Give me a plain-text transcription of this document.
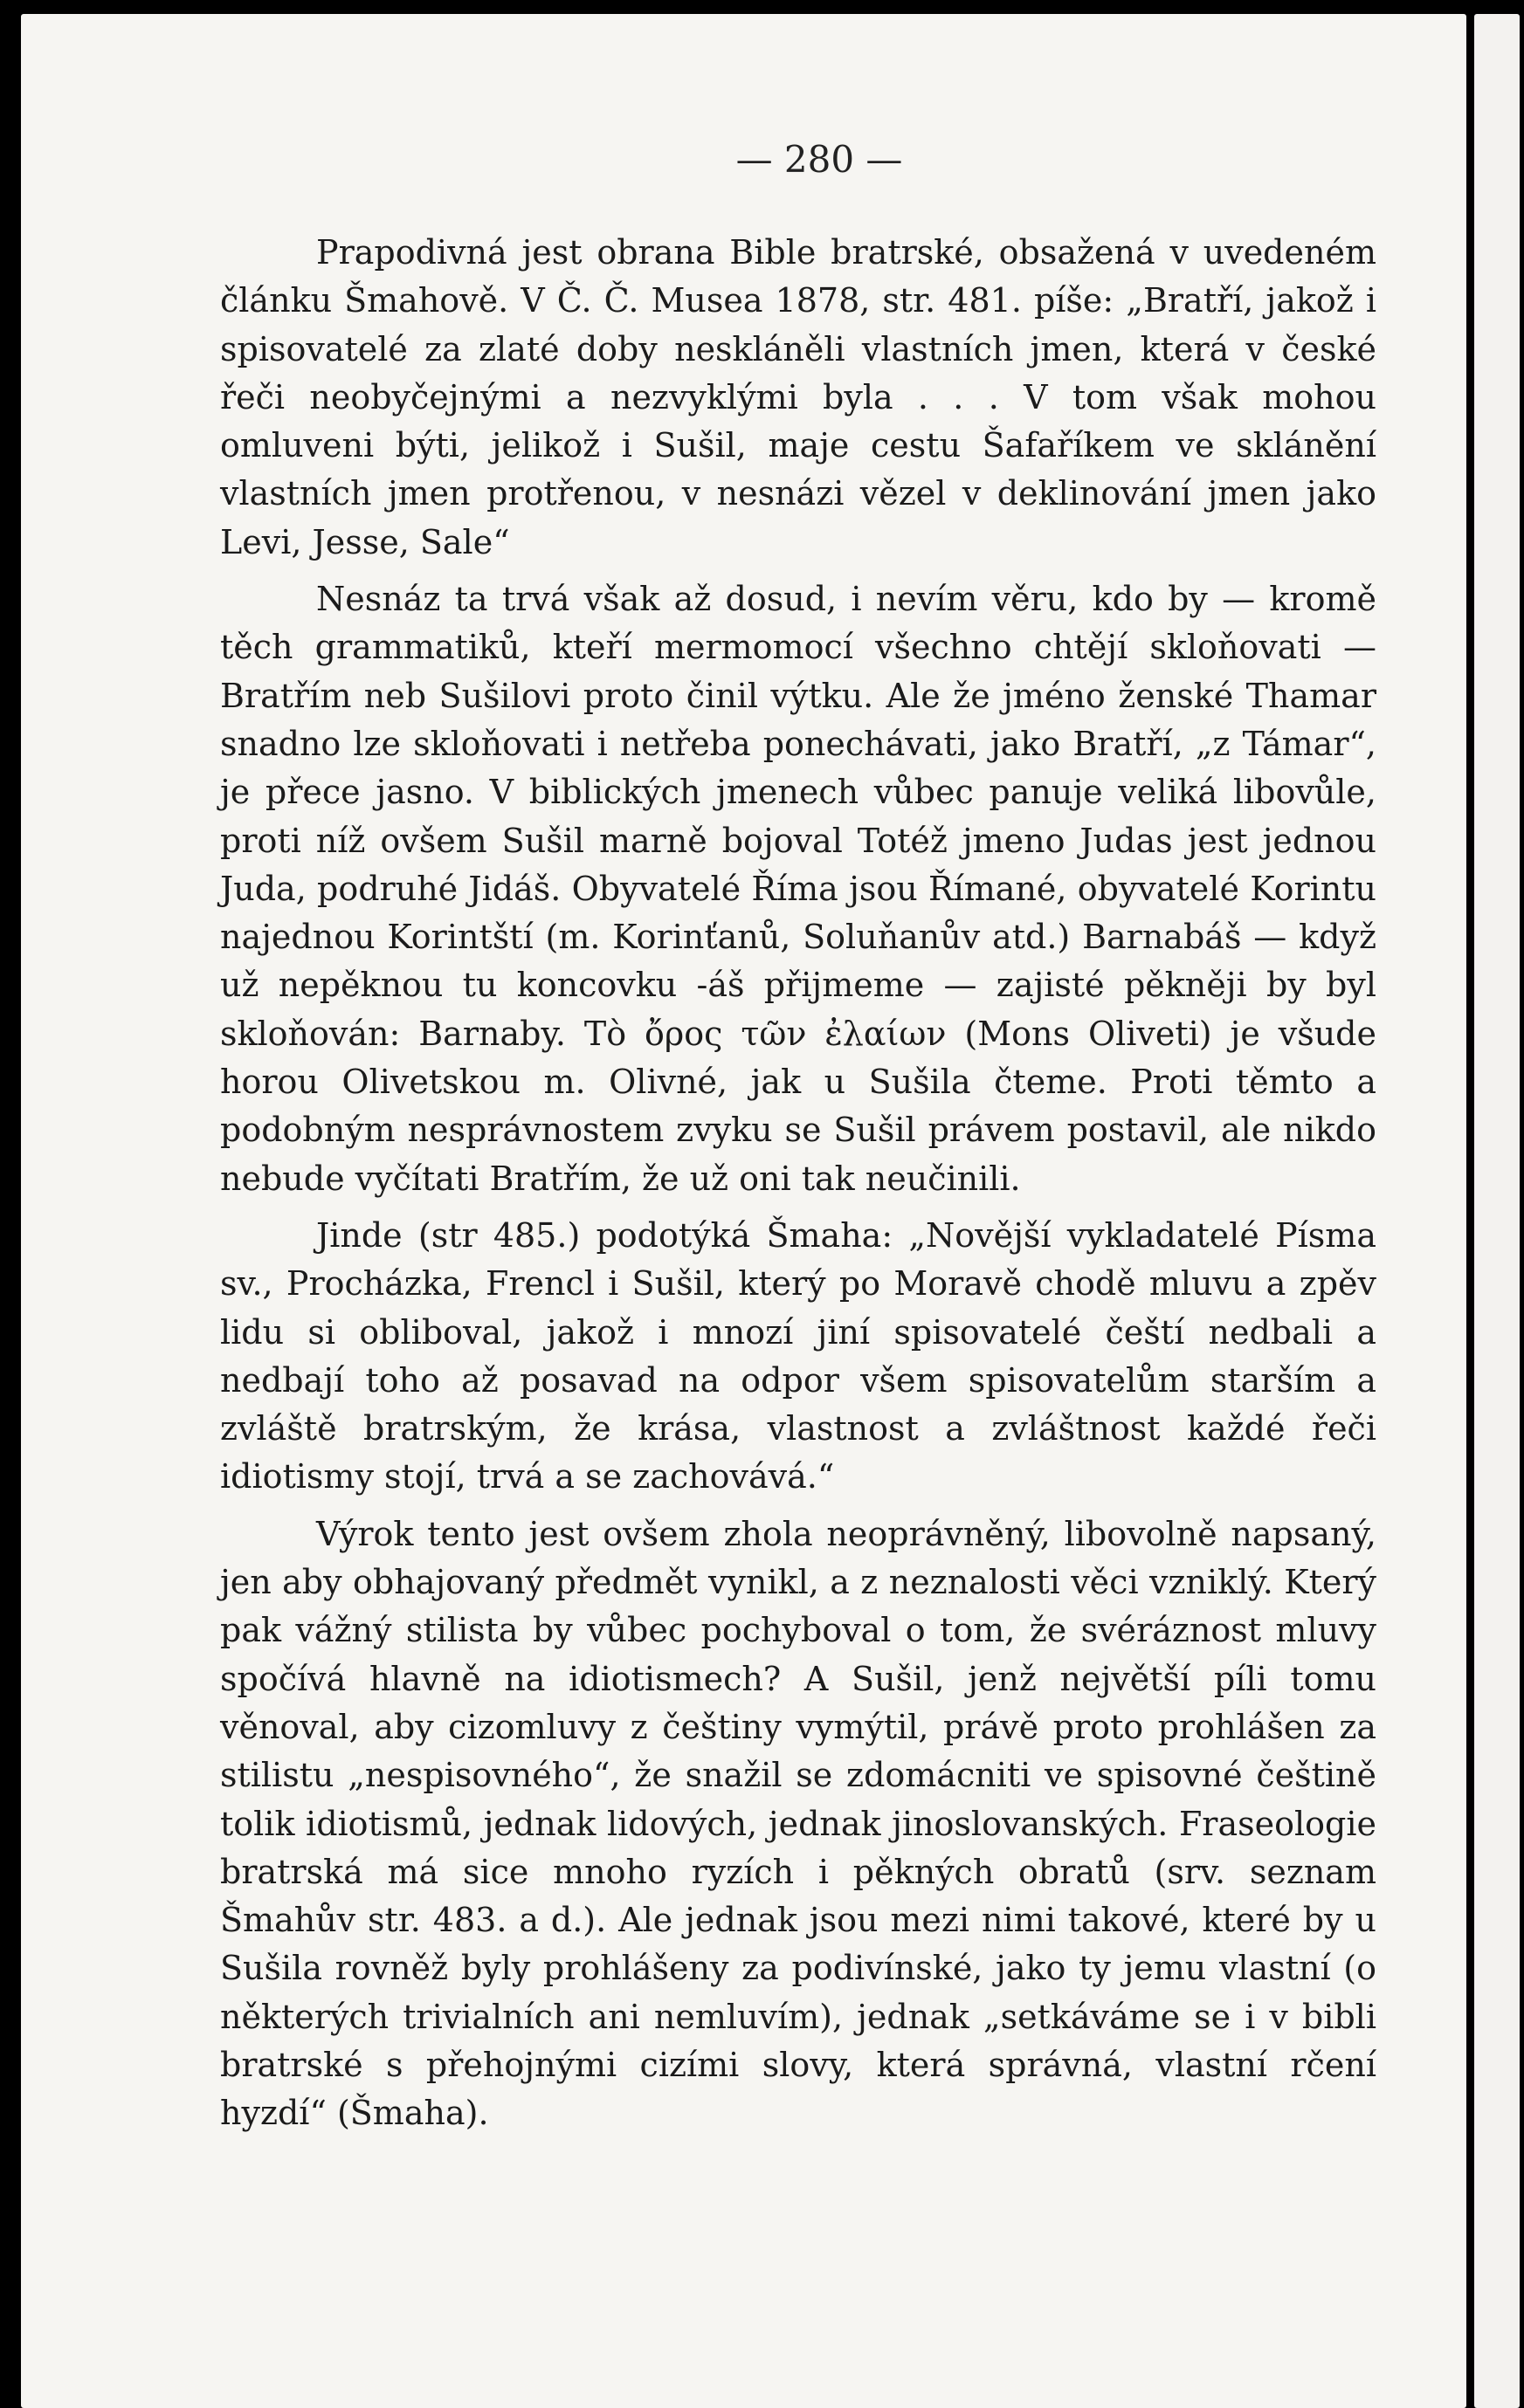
— 280 —

Prapodivná jest obrana Bible bratrské, obsažená v uvedeném článku Šmahově. V Č. Č. Musea 1878, str. 481. píše: „Bratří, jakož i spisovatelé za zlaté doby neskláněli vlastních jmen, která v české řeči neobyčejnými a nezvyklými byla . . . V tom však mohou omluveni býti, jelikož i Sušil, maje cestu Šafaříkem ve sklánění vlastních jmen protřenou, v nesnázi vězel v deklinování jmen jako Levi, Jesse, Sale“

Nesnáz ta trvá však až dosud, i nevím věru, kdo by — kromě těch grammatiků, kteří mermomocí všechno chtějí skloňovati — Bratřím neb Sušilovi proto činil výtku. Ale že jméno ženské Thamar snadno lze skloňovati i netřeba ponechávati, jako Bratří, „z Támar“, je přece jasno. V biblických jmenech vůbec panuje veliká libovůle, proti níž ovšem Sušil marně bojoval Totéž jmeno Judas jest jednou Juda, podruhé Jidáš. Obyvatelé Říma jsou Římané, obyvatelé Korintu najednou Korintští (m. Korinťanů, Soluňanův atd.) Barnabáš — když už nepěknou tu koncovku -áš přijmeme — zajisté pěkněji by byl skloňován: Barnaby. Τὸ ὄρος τῶν ἐλαίων (Mons Oliveti) je všude horou Olivetskou m. Olivné, jak u Sušila čteme. Proti těmto a podobným nesprávnostem zvyku se Sušil právem postavil, ale nikdo nebude vyčítati Bratřím, že už oni tak neučinili.

Jinde (str 485.) podotýká Šmaha: „Novější vykladatelé Písma sv., Procházka, Frencl i Sušil, který po Moravě chodě mluvu a zpěv lidu si obliboval, jakož i mnozí jiní spisovatelé čeští nedbali a nedbají toho až posavad na odpor všem spisovatelům starším a zvláště bratrským, že krása, vlastnost a zvláštnost každé řeči idiotismy stojí, trvá a se zachovává.“

Výrok tento jest ovšem zhola neoprávněný, libovolně napsaný, jen aby obhajovaný předmět vynikl, a z neznalosti věci vzniklý. Který pak vážný stilista by vůbec pochyboval o tom, že svéráznost mluvy spočívá hlavně na idiotismech? A Sušil, jenž největší píli tomu věnoval, aby cizomluvy z češtiny vymýtil, právě proto prohlášen za stilistu „nespisovného“, že snažil se zdomácniti ve spisovné češtině tolik idiotismů, jednak lidových, jednak jinoslovanských. Fraseologie bratrská má sice mnoho ryzích i pěkných obratů (srv. seznam Šmahův str. 483. a d.). Ale jednak jsou mezi nimi takové, které by u Sušila rovněž byly prohlášeny za podivínské, jako ty jemu vlastní (o některých trivialních ani nemluvím), jednak „setkáváme se i v bibli bratrské s přehojnými cizími slovy, která správná, vlastní rčení hyzdí“ (Šmaha).
